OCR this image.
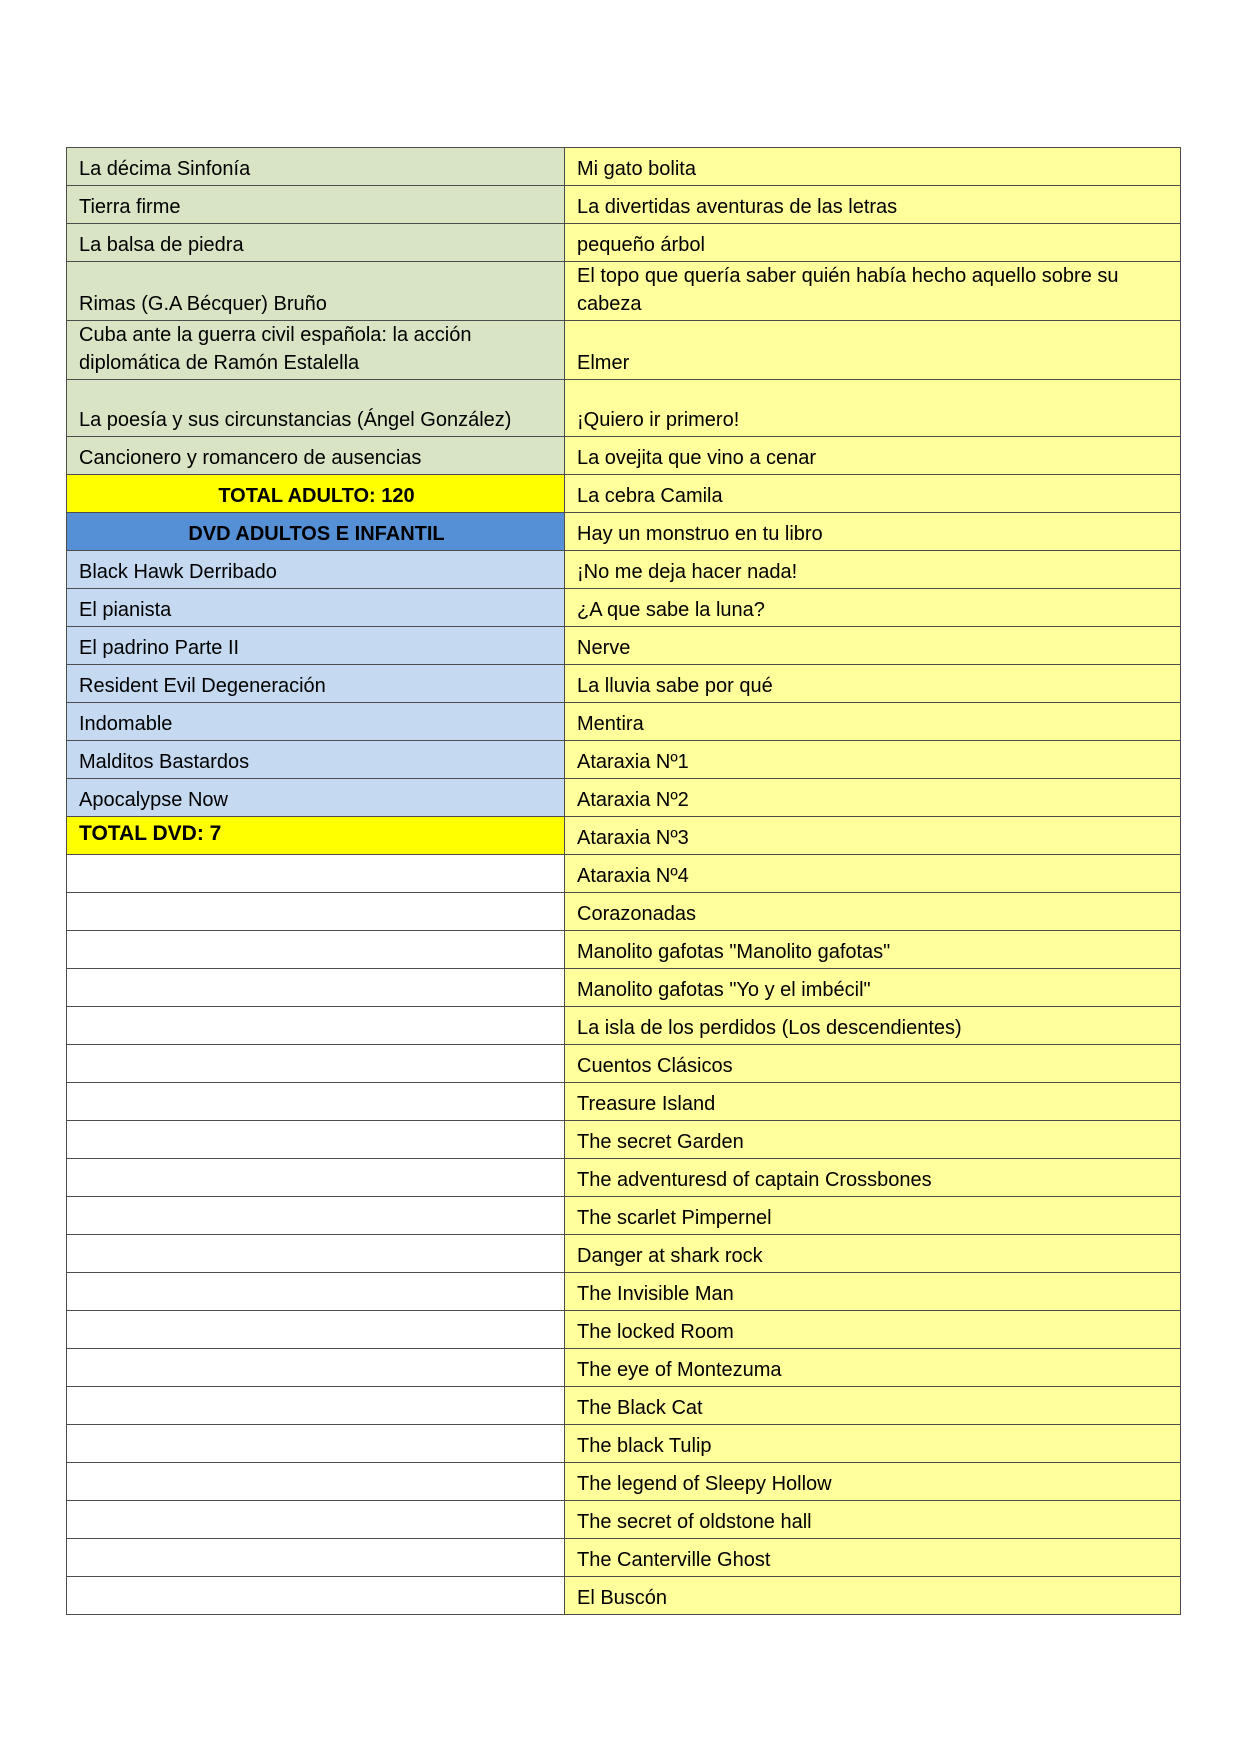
La décima Sinfonía	Mi gato bolita
Tierra firme	La divertidas aventuras de las letras
La balsa de piedra	pequeño árbol
Rimas (G.A Bécquer) Bruño	El topo que quería saber quién había hecho aquello sobre su cabeza
Cuba ante la guerra civil española: la acción diplomática de Ramón Estalella	Elmer
La poesía y sus circunstancias (Ángel González)	¡Quiero ir primero!
Cancionero y romancero de ausencias	La ovejita que vino a cenar
TOTAL ADULTO: 120	La cebra Camila
DVD ADULTOS E INFANTIL	Hay un monstruo en tu libro
Black Hawk Derribado	¡No me deja hacer nada!
El pianista	¿A que sabe la luna?
El padrino Parte II	Nerve
Resident Evil Degeneración	La lluvia sabe por qué
Indomable	Mentira
Malditos Bastardos	Ataraxia Nº1
Apocalypse Now	Ataraxia Nº2
TOTAL DVD: 7	Ataraxia Nº3
	Ataraxia Nº4
	Corazonadas
	Manolito gafotas "Manolito gafotas"
	Manolito gafotas "Yo y el imbécil"
	La isla de los perdidos (Los descendientes)
	Cuentos Clásicos
	Treasure Island
	The secret Garden
	The adventuresd of captain Crossbones
	The scarlet Pimpernel
	Danger at shark rock
	The Invisible Man
	The locked Room
	The eye of Montezuma
	The Black Cat
	The black Tulip
	The legend of Sleepy Hollow
	The secret of oldstone hall
	The Canterville Ghost
	El Buscón
